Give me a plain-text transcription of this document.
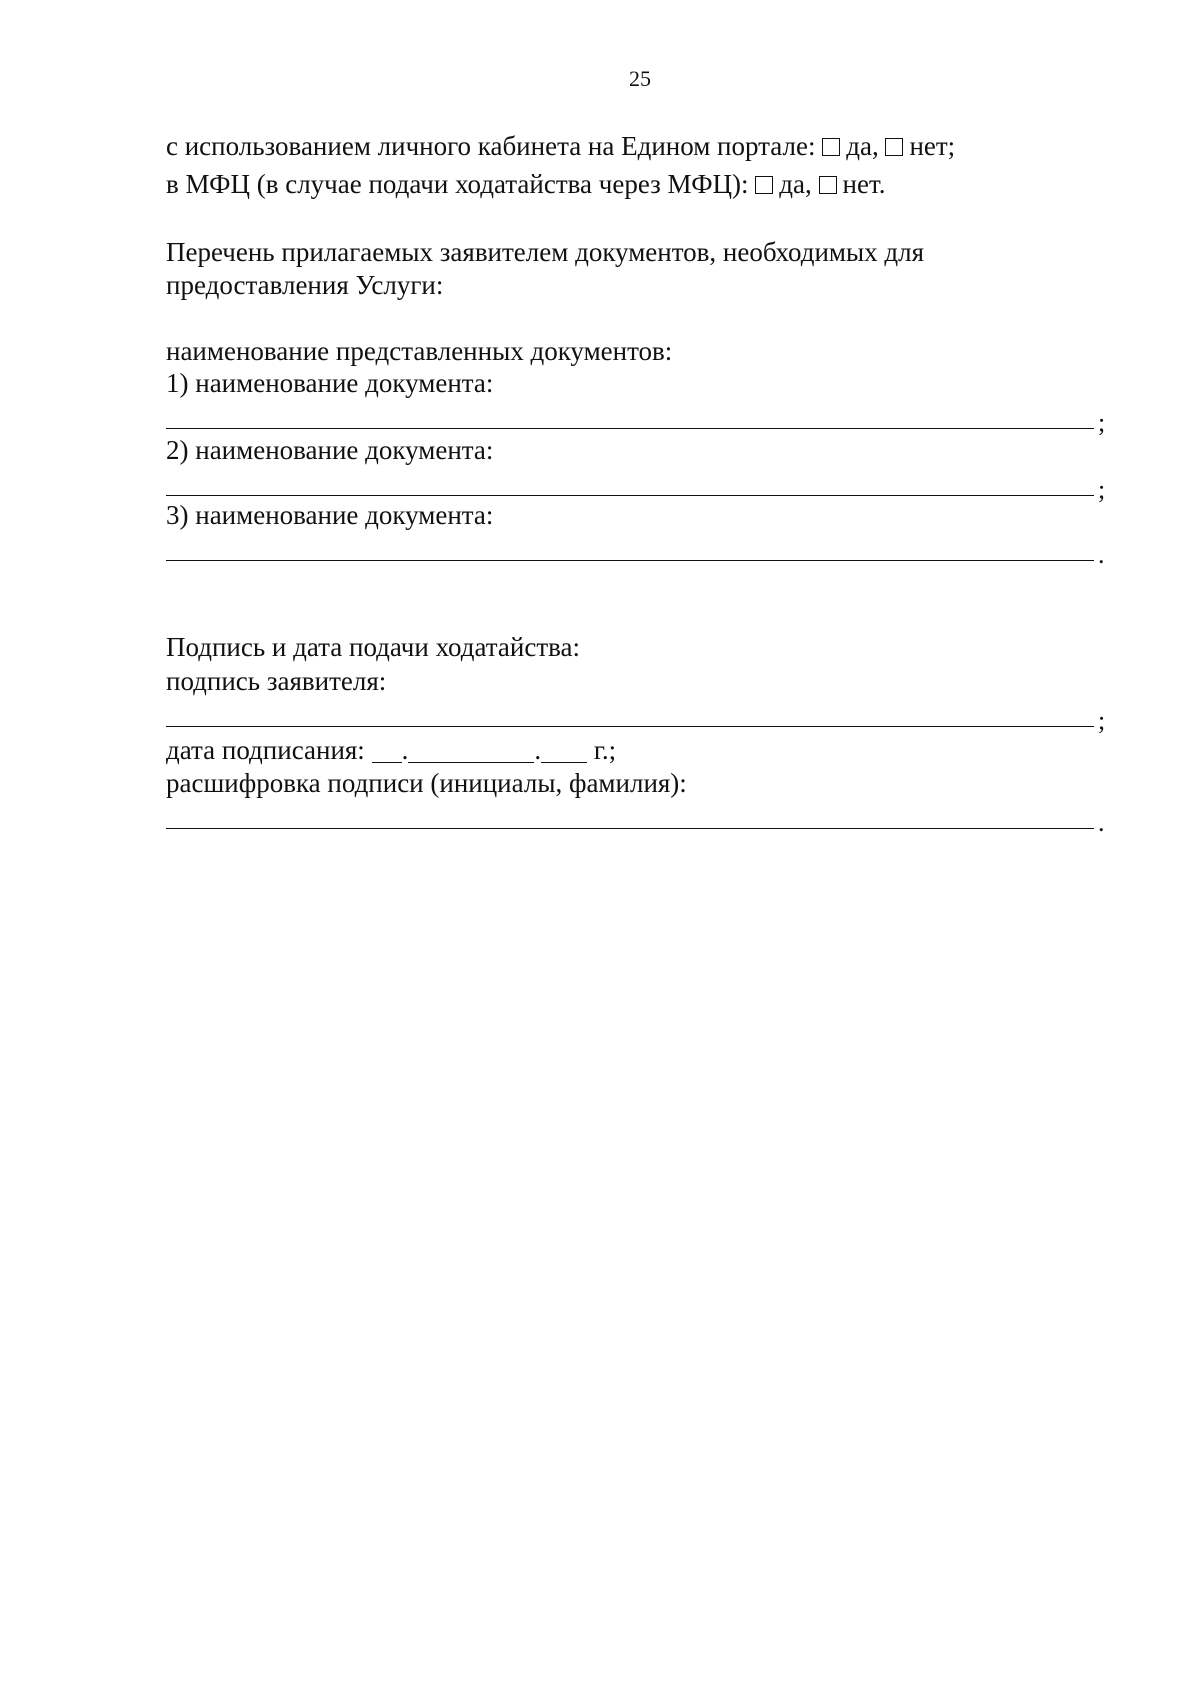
25
с использованием личного кабинета на Едином портале: да, нет;
в МФЦ (в случае подачи ходатайства через МФЦ): да, нет.
Перечень прилагаемых заявителем документов, необходимых для
предоставления Услуги:
наименование представленных документов:
1) наименование документа:
;
2) наименование документа:
;
3) наименование документа:
.
Подпись и дата подачи ходатайства:
подпись заявителя:
;
дата подписания: .	. г.;
расшифровка подписи (инициалы, фамилия):
.
